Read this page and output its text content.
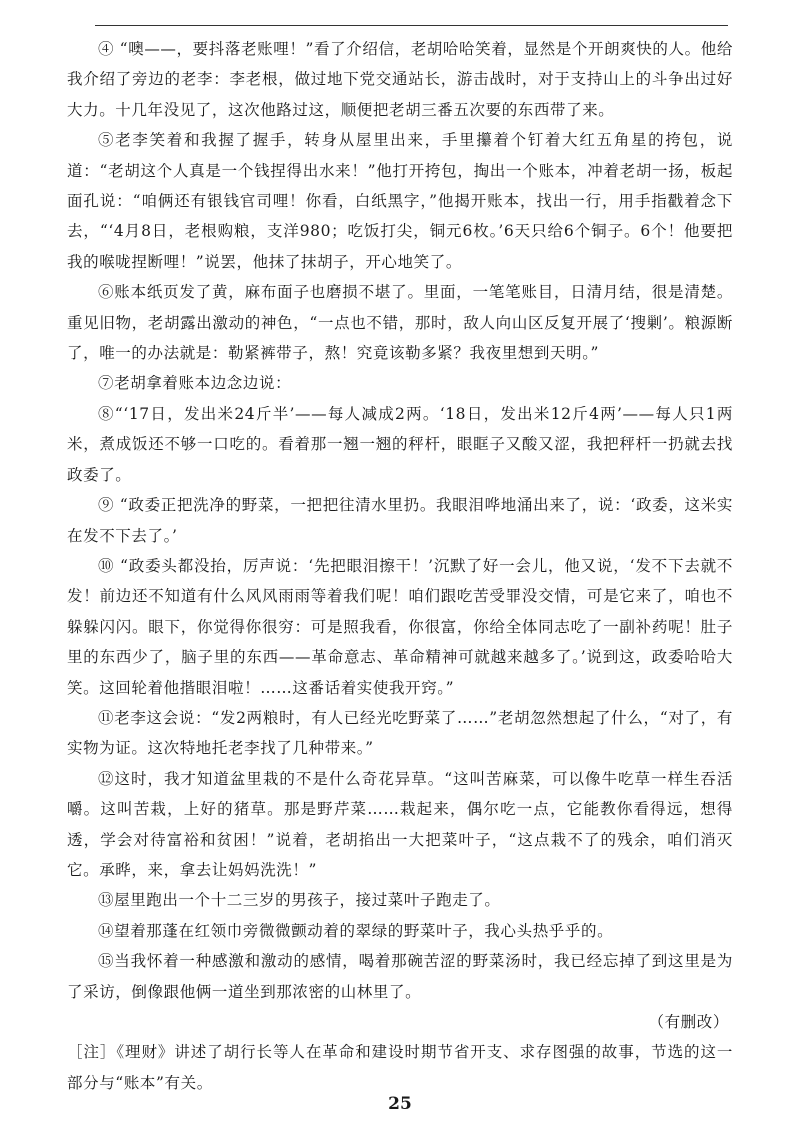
④ “噢——，要抖落老账哩！”看了介绍信，老胡哈哈笑着，显然是个开朗爽快的人。他给我介绍了旁边的老李：李老根，做过地下党交通站长，游击战时，对于支持山上的斗争出过好大力。十几年没见了，这次他路过这，顺便把老胡三番五次要的东西带了来。

⑤老李笑着和我握了握手，转身从屋里出来，手里攥着个钉着大红五角星的挎包，说道：“老胡这个人真是一个钱捏得出水来！”他打开挎包，掏出一个账本，冲着老胡一扬，板起面孔说：“咱俩还有银钱官司哩！你看，白纸黑字，”他揭开账本，找出一行，用手指戳着念下去，“‘4月8日，老根购粮，支洋980；吃饭打尖，铜元6枚。’6天只给6个铜子。6个！他要把我的喉咙捏断哩！”说罢，他抹了抹胡子，开心地笑了。

⑥账本纸页发了黄，麻布面子也磨损不堪了。里面，一笔笔账目，日清月结，很是清楚。重见旧物，老胡露出激动的神色，“一点也不错，那时，敌人向山区反复开展了‘搜剿’。粮源断了，唯一的办法就是：勒紧裤带子，熬！究竟该勒多紧？我夜里想到天明。”

⑦老胡拿着账本边念边说：

⑧“‘17日，发出米24斤半’——每人减成2两。‘18日，发出米12斤4两’——每人只1两米，煮成饭还不够一口吃的。看着那一翘一翘的秤杆，眼眶子又酸又涩，我把秤杆一扔就去找政委了。

⑨ “政委正把洗净的野菜，一把把往清水里扔。我眼泪哗地涌出来了，说：‘政委，这米实在发不下去了。’

⑩ “政委头都没抬，厉声说：‘先把眼泪擦干！’沉默了好一会儿，他又说，‘发不下去就不发！前边还不知道有什么风风雨雨等着我们呢！咱们跟吃苦受罪没交情，可是它来了，咱也不躲躲闪闪。眼下，你觉得你很穷：可是照我看，你很富，你给全体同志吃了一副补药呢！肚子里的东西少了，脑子里的东西——革命意志、革命精神可就越来越多了。’说到这，政委哈哈大笑。这回轮着他揩眼泪啦！……这番话着实使我开窍。”

⑪老李这会说：“发2两粮时，有人已经光吃野菜了……”老胡忽然想起了什么，“对了，有实物为证。这次特地托老李找了几种带来。”

⑫这时，我才知道盆里栽的不是什么奇花异草。“这叫苦麻菜，可以像牛吃草一样生吞活嚼。这叫苦栽，上好的猪草。那是野芹菜……栽起来，偶尔吃一点，它能教你看得远，想得透，学会对待富裕和贫困！”说着，老胡掐出一大把菜叶子，“这点栽不了的残余，咱们消灭它。承晔，来，拿去让妈妈洗洗！”

⑬屋里跑出一个十二三岁的男孩子，接过菜叶子跑走了。

⑭望着那蓬在红领巾旁微微颤动着的翠绿的野菜叶子，我心头热乎乎的。

⑮当我怀着一种感激和激动的感情，喝着那碗苦涩的野菜汤时，我已经忘掉了到这里是为了采访，倒像跟他俩一道坐到那浓密的山林里了。

（有删改）

［注］《理财》讲述了胡行长等人在革命和建设时期节省开支、求存图强的故事，节选的这一部分与“账本”有关。

25
